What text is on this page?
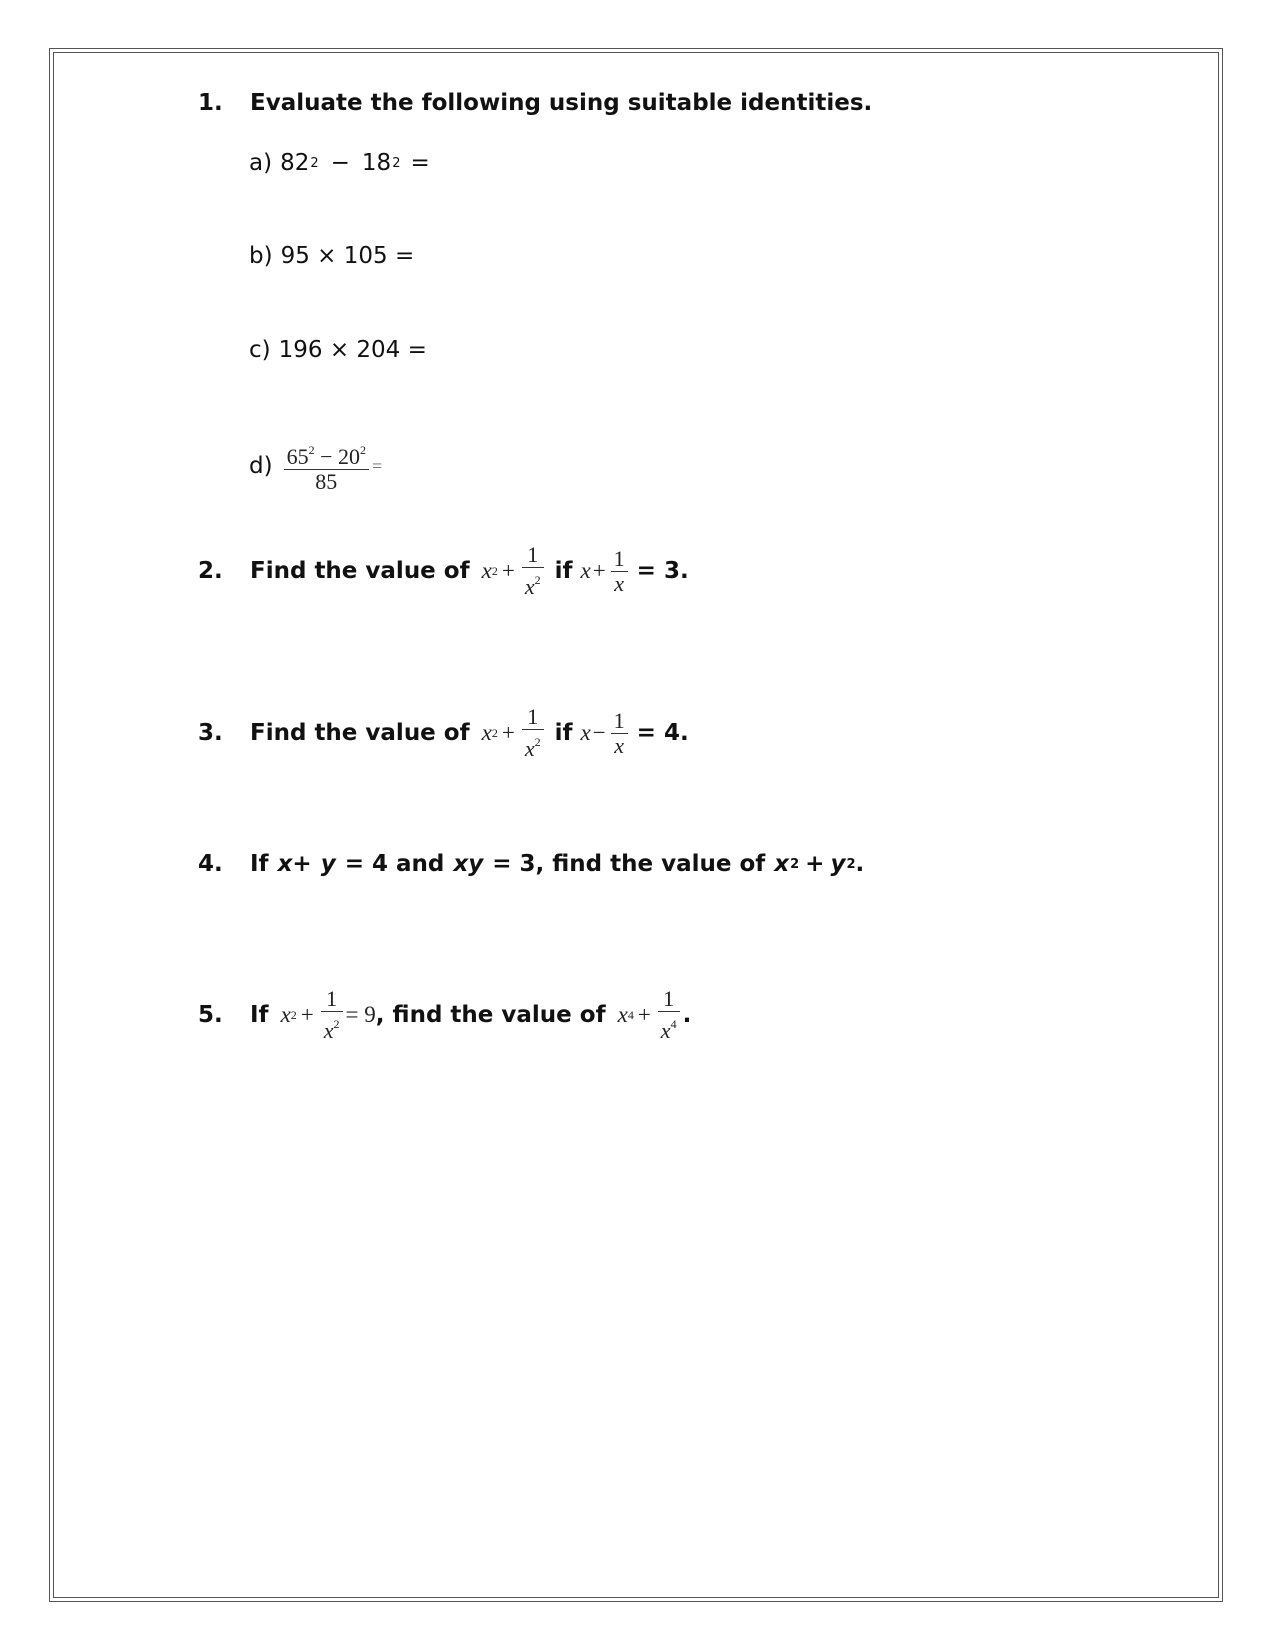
1.	Evaluate the following using suitable identities.
a) 82 2 − 18 2 =
b) 95 × 105 =
c) 196 × 204 =
$d) \frac{65^2 - 20^2}{85}$ =
2.	Find the value of x $2 + \frac{1}{x^2}$ if $x + \frac{1}{x} = 3$.
3.	Find the value of x $2 + \frac{1}{x^2}$ if $x - \frac{1}{x} = 4$.
4.	If x + y = 4 and xy = 3, find the value of x 2 + y 2 .
5.	If x $2 + \frac{1}{x^2} = 9$ , find the value of x $4 + \frac{1}{x^4}$ .
